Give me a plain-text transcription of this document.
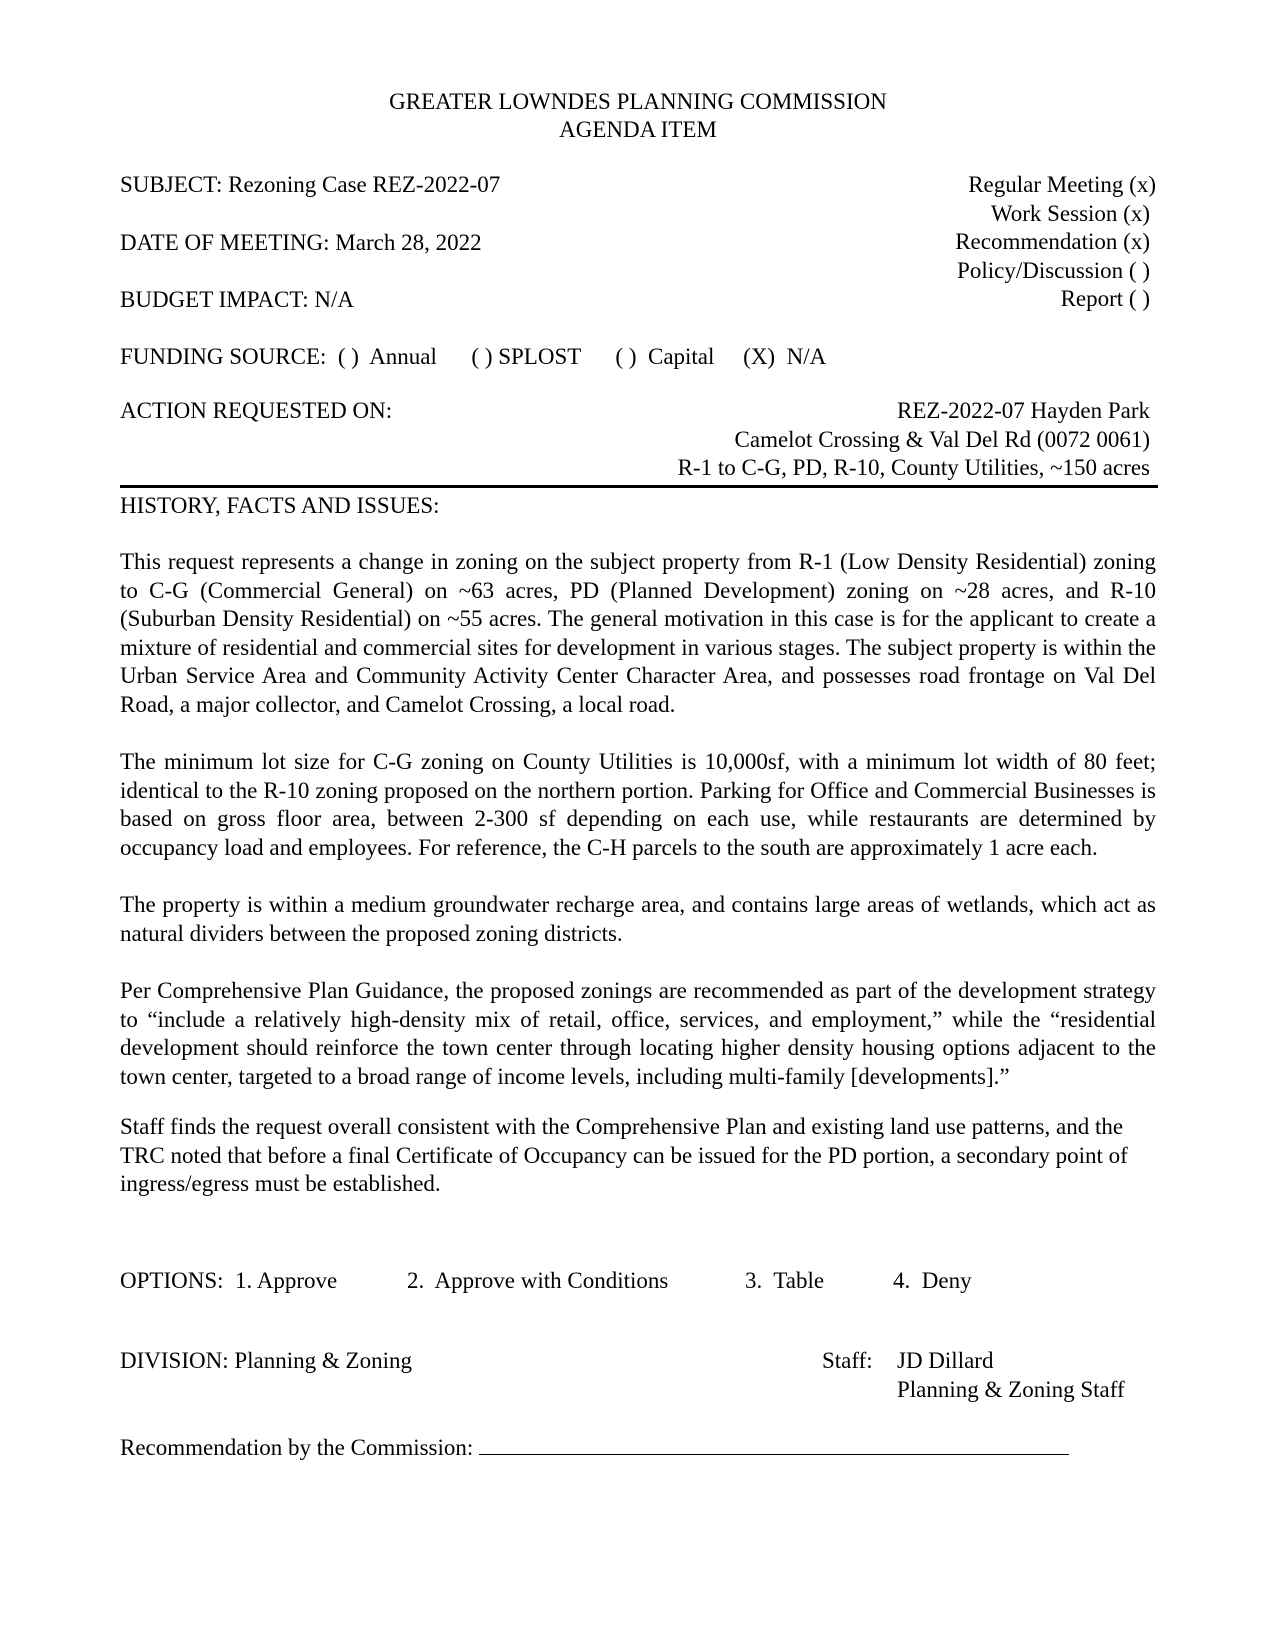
GREATER LOWNDES PLANNING COMMISSION
AGENDA ITEM
SUBJECT: Rezoning Case REZ-2022-07
DATE OF MEETING: March 28, 2022
BUDGET IMPACT: N/A
Regular Meeting (x)
Work Session (x)
Recommendation (x)
Policy/Discussion ( )
Report ( )
FUNDING SOURCE: ( )  Annual ( ) SPLOST ( )  Capital (X)  N/A
ACTION REQUESTED ON:	REZ-2022-07 Hayden Park
Camelot Crossing & Val Del Rd (0072 0061)
R-1 to C-G, PD, R-10, County Utilities, ~150 acres
HISTORY, FACTS AND ISSUES:

This request represents a change in zoning on the subject property from R-1 (Low Density Residential) zoning to C-G (Commercial General) on ~63 acres, PD (Planned Development) zoning on ~28 acres, and R-10 (Suburban Density Residential) on ~55 acres. The general motivation in this case is for the applicant to create a mixture of residential and commercial sites for development in various stages. The subject property is within the Urban Service Area and Community Activity Center Character Area, and possesses road frontage on Val Del Road, a major collector, and Camelot Crossing, a local road.

The minimum lot size for C-G zoning on County Utilities is 10,000sf, with a minimum lot width of 80 feet; identical to the R-10 zoning proposed on the northern portion. Parking for Office and Commercial Businesses is based on gross floor area, between 2-300 sf depending on each use, while restaurants are determined by occupancy load and employees. For reference, the C-H parcels to the south are approximately 1 acre each.

The property is within a medium groundwater recharge area, and contains large areas of wetlands, which act as natural dividers between the proposed zoning districts.

Per Comprehensive Plan Guidance, the proposed zonings are recommended as part of the development strategy to “include a relatively high-density mix of retail, office, services, and employment,” while the “residential development should reinforce the town center through locating higher density housing options adjacent to the town center, targeted to a broad range of income levels, including multi-family [developments].”

Staff finds the request overall consistent with the Comprehensive Plan and existing land use patterns, and the TRC noted that before a final Certificate of Occupancy can be issued for the PD portion, a secondary point of ingress/egress must be established.

OPTIONS:
1. Approve	2.  Approve with Conditions	3.  Table	4.  Deny
DIVISION: Planning & Zoning	Staff:	JD Dillard
Planning & Zoning Staff
Recommendation by the Commission:
